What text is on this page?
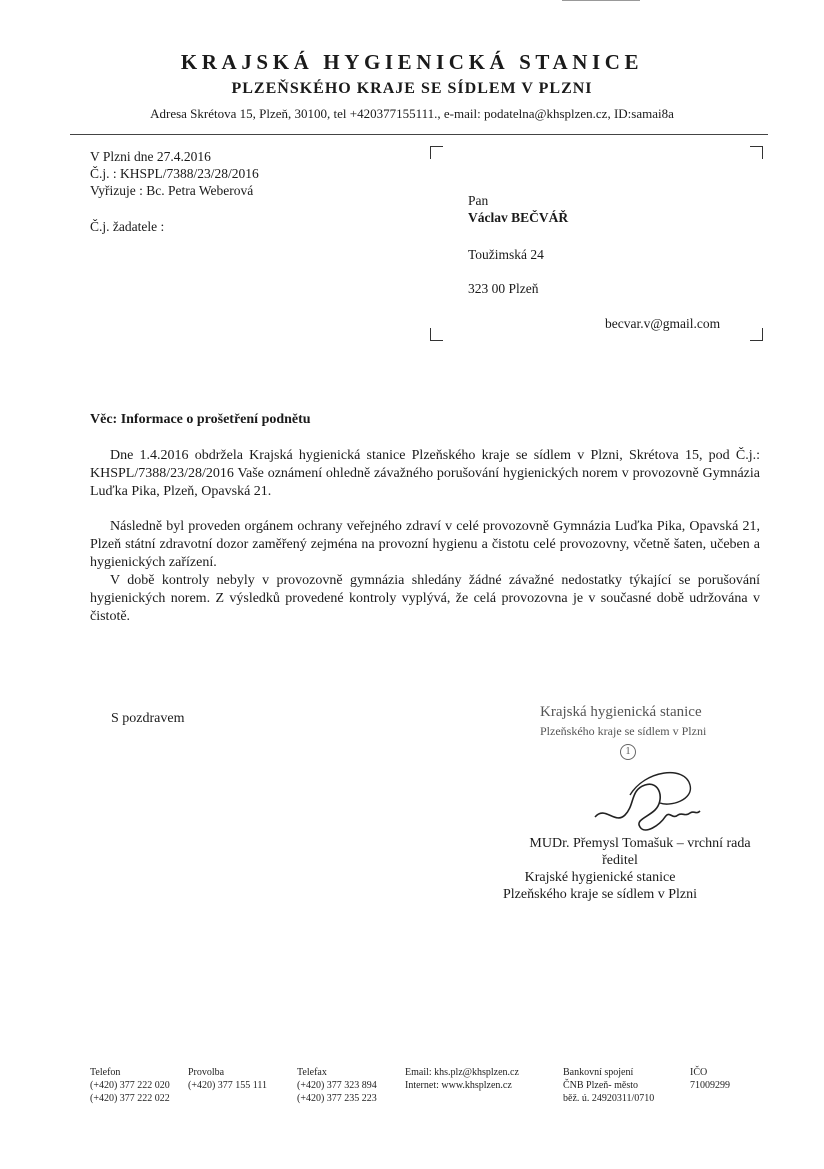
KRAJSKÁ HYGIENICKÁ STANICE
PLZEŇSKÉHO KRAJE SE SÍDLEM V PLZNI
Adresa Skrétova 15, Plzeň, 30100, tel +420377155111., e-mail: podatelna@khsplzen.cz, ID:samai8a
V Plzni dne 27.4.2016
Č.j. : KHSPL/7388/23/28/2016
Vyřizuje : Bc. Petra Weberová
Č.j. žadatele :
Pan
Václav BEČVÁŘ
Toužimská 24
323 00 Plzeň
becvar.v@gmail.com
Věc: Informace o prošetření podnětu

Dne 1.4.2016 obdržela Krajská hygienická stanice Plzeňského kraje se sídlem v Plzni, Skrétova 15, pod Č.j.: KHSPL/7388/23/28/2016 Vaše oznámení ohledně závažného porušování hygienických norem v provozovně Gymnázia Luďka Pika, Plzeň, Opavská 21.

Následně byl proveden orgánem ochrany veřejného zdraví v celé provozovně Gymnázia Luďka Pika, Opavská 21, Plzeň státní zdravotní dozor zaměřený zejména na provozní hygienu a čistotu celé provozovny, včetně šaten, učeben a hygienických zařízení.

V době kontroly nebyly v provozovně gymnázia shledány žádné závažné nedostatky týkající se porušování hygienických norem. Z výsledků provedené kontroly vyplývá, že celá provozovna je v současné době udržována v čistotě.

S pozdravem	Krajská hygienická stanice
Plzeňského kraje se sídlem v Plzni
1
MUDr. Přemysl Tomašuk – vrchní rada
ředitel
Krajské hygienické stanice
Plzeňského kraje se sídlem v Plzni
Telefon
(+420) 377 222 020
(+420) 377 222 022
Provolba
(+420) 377 155 111
Telefax
(+420) 377 323 894
(+420) 377 235 223
Email: khs.plz@khsplzen.cz
Internet: www.khsplzen.cz
Bankovní spojení
ČNB Plzeň- město
běž. ú. 24920311/0710
IČO
71009299
